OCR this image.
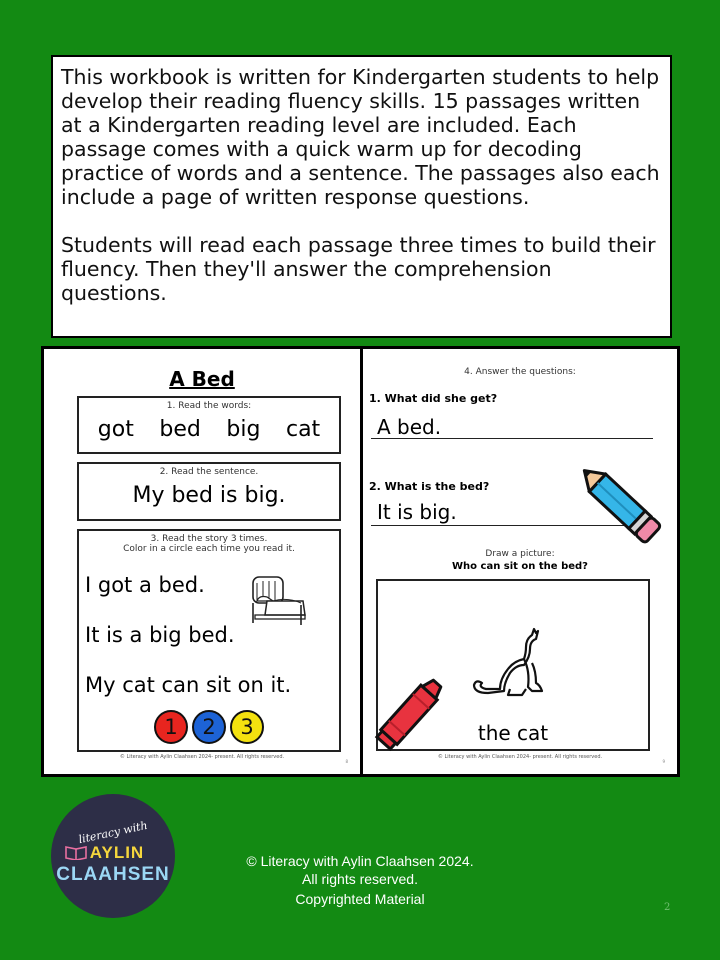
This workbook is written for Kindergarten students to help develop their reading fluency skills. 15 passages written at a Kindergarten reading level are included. Each passage comes with a quick warm up for decoding practice of words and a sentence. The passages also each include a page of written response questions.

Students will read each passage three times to build their fluency. Then they'll answer the comprehension questions.

A Bed
1. Read the words:
got bed big cat
2. Read the sentence.
My bed is big.
3. Read the story 3 times.
Color in a circle each time you read it.
I got a bed.
It is a big bed.
My cat can sit on it.
1	2	3
© Literacy with Aylin Claahsen 2024- present. All rights reserved.
8
4. Answer the questions:
1. What did she get?
A bed.
2. What is the bed?
It is big.
Draw a picture:
Who can sit on the bed?
the cat
© Literacy with Aylin Claahsen 2024- present. All rights reserved.
9
literacy with
AYLIN
CLAAHSEN
© Literacy with Aylin Claahsen 2024.
All rights reserved.
Copyrighted Material
2
